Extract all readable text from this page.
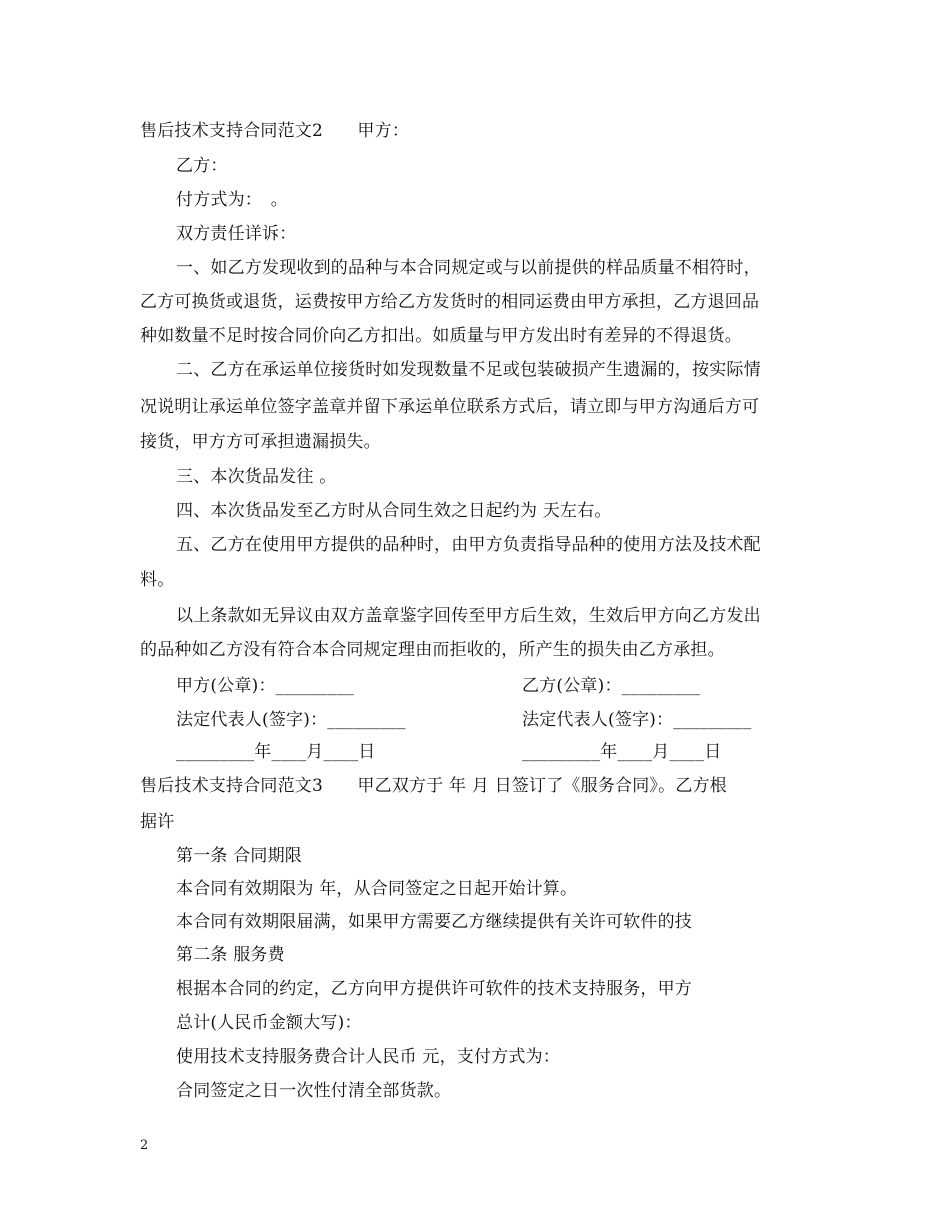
售后技术支持合同范文2　　甲方：
乙方：
付方式为：　。
双方责任详诉：
一、如乙方发现收到的品种与本合同规定或与以前提供的样品质量不相符时，
乙方可换货或退货，运费按甲方给乙方发货时的相同运费由甲方承担，乙方退回品
种如数量不足时按合同价向乙方扣出。如质量与甲方发出时有差异的不得退货。
二、乙方在承运单位接货时如发现数量不足或包装破损产生遗漏的，按实际情
况说明让承运单位签字盖章并留下承运单位联系方式后，请立即与甲方沟通后方可
接货，甲方方可承担遗漏损失。
三、本次货品发往 。
四、本次货品发至乙方时从合同生效之日起约为 天左右。
五、乙方在使用甲方提供的品种时，由甲方负责指导品种的使用方法及技术配
料。
以上条款如无异议由双方盖章鉴字回传至甲方后生效，生效后甲方向乙方发出
的品种如乙方没有符合本合同规定理由而拒收的，所产生的损失由乙方承担。
甲方(公章)：_________	乙方(公章)：_________
法定代表人(签字)：_________	法定代表人(签字)：_________
_________年____月____日	_________年____月____日
售后技术支持合同范文3　　甲乙双方于 年 月 日签订了《服务合同》。乙方根
据许
第一条 合同期限
本合同有效期限为 年，从合同签定之日起开始计算。
本合同有效期限届满，如果甲方需要乙方继续提供有关许可软件的技
第二条 服务费
根据本合同的约定，乙方向甲方提供许可软件的技术支持服务，甲方
总计(人民币金额大写)：
使用技术支持服务费合计人民币 元，支付方式为：
合同签定之日一次性付清全部货款。
2
